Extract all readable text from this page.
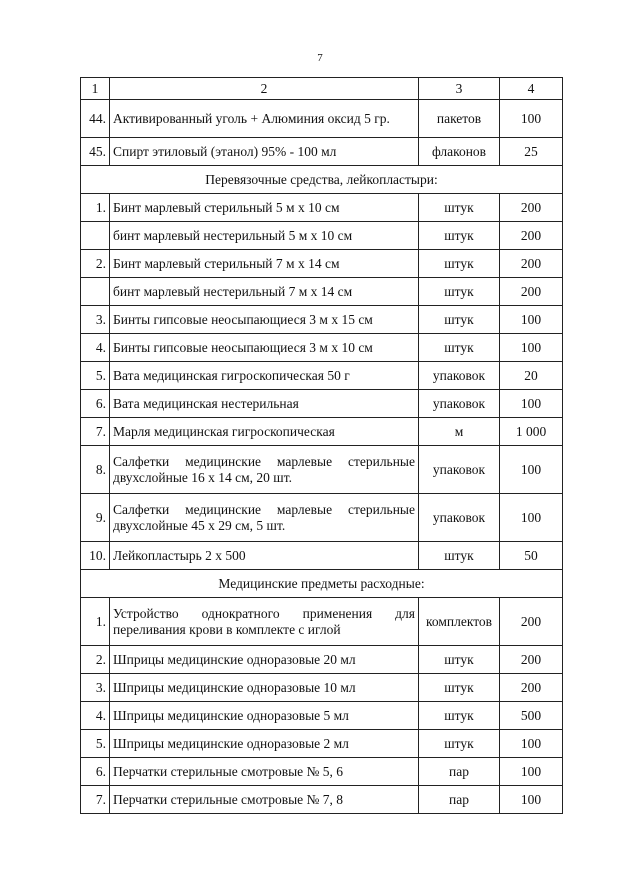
7
1	2	3	4
44.	Активированный уголь + Алюминия оксид 5 гр.	пакетов	100
45.	Спирт этиловый (этанол) 95% - 100 мл	флаконов	25
Перевязочные средства, лейкопластыри:			
1.	Бинт марлевый стерильный 5 м х 10 см	штук	200
	бинт марлевый нестерильный 5 м х 10 см	штук	200
2.	Бинт марлевый стерильный 7 м х 14 см	штук	200
	бинт марлевый нестерильный 7 м х 14 см	штук	200
3.	Бинты гипсовые неосыпающиеся 3 м х 15 см	штук	100
4.	Бинты гипсовые неосыпающиеся 3 м х 10 см	штук	100
5.	Вата медицинская гигроскопическая 50 г	упаковок	20
6.	Вата медицинская нестерильная	упаковок	100
7.	Марля медицинская гигроскопическая	м	1 000
8.	Салфетки медицинские марлевые стерильные двухслойные 16 х 14 см, 20 шт.	упаковок	100
9.	Салфетки медицинские марлевые стерильные двухслойные 45 х 29 см, 5 шт.	упаковок	100
10.	Лейкопластырь 2 х 500	штук	50
Медицинские предметы расходные:			
1.	Устройство однократного применения для переливания крови в комплекте с иглой	комплектов	200
2.	Шприцы медицинские одноразовые 20 мл	штук	200
3.	Шприцы медицинские одноразовые 10 мл	штук	200
4.	Шприцы медицинские одноразовые 5 мл	штук	500
5.	Шприцы медицинские одноразовые 2 мл	штук	100
6.	Перчатки стерильные смотровые № 5, 6	пар	100
7.	Перчатки стерильные смотровые № 7, 8	пар	100
